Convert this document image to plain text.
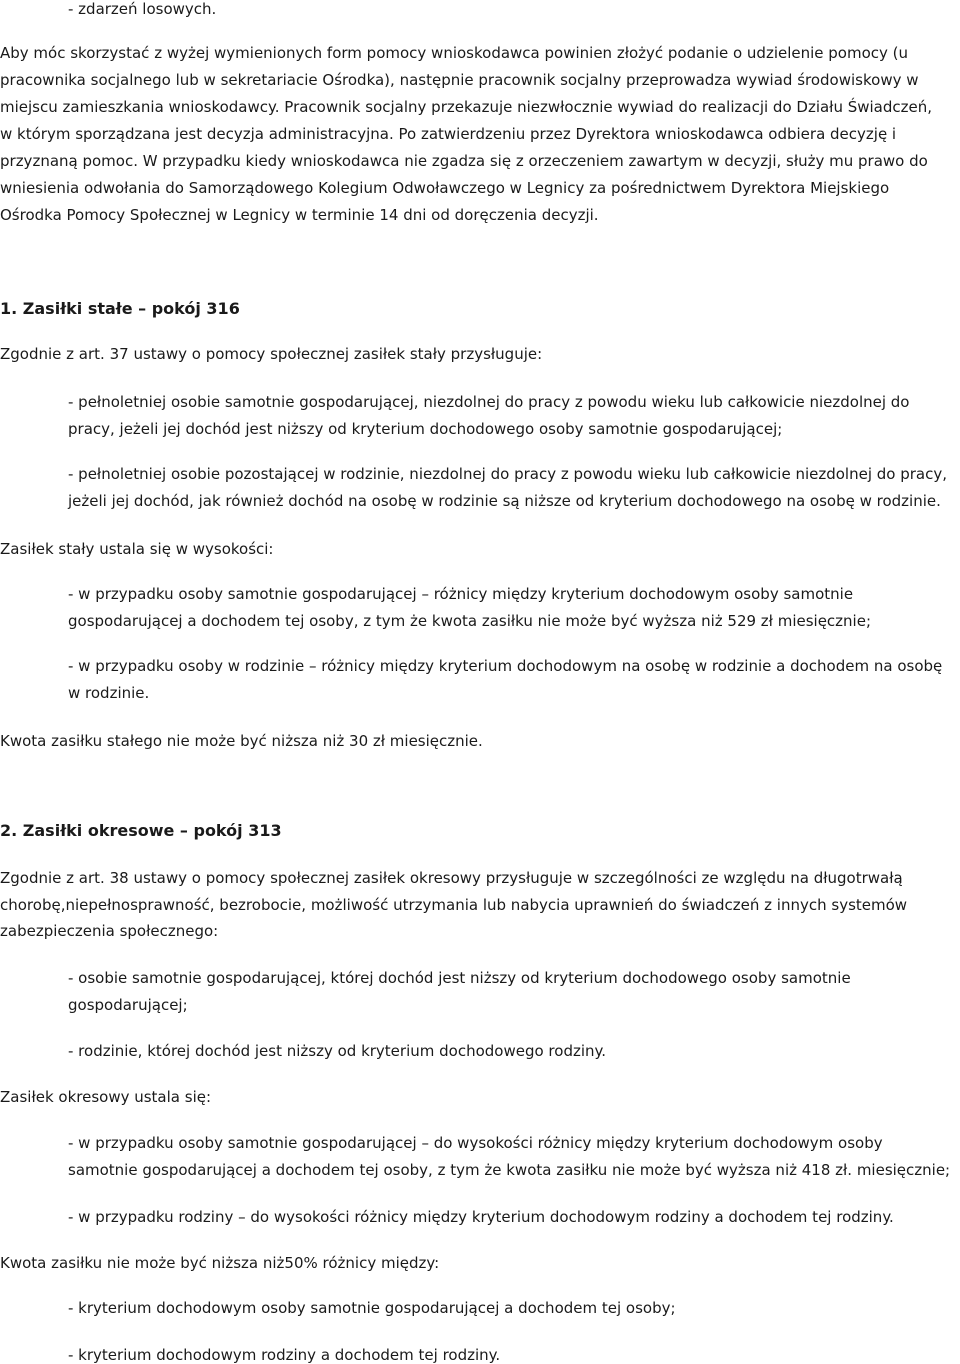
- zdarzeń losowych.
Aby móc skorzystać z wyżej wymienionych form pomocy wnioskodawca powinien złożyć podanie o udzielenie pomocy (u
pracownika socjalnego lub w sekretariacie Ośrodka), następnie pracownik socjalny przeprowadza wywiad środowiskowy w
miejscu zamieszkania wnioskodawcy. Pracownik socjalny przekazuje niezwłocznie wywiad do realizacji do Działu Świadczeń,
w którym sporządzana jest decyzja administracyjna. Po zatwierdzeniu przez Dyrektora wnioskodawca odbiera decyzję i
przyznaną pomoc. W przypadku kiedy wnioskodawca nie zgadza się z orzeczeniem zawartym w decyzji, służy mu prawo do
wniesienia odwołania do Samorządowego Kolegium Odwoławczego w Legnicy za pośrednictwem Dyrektora Miejskiego
Ośrodka Pomocy Społecznej w Legnicy w terminie 14 dni od doręczenia decyzji.
1. Zasiłki stałe – pokój 316
Zgodnie z art. 37 ustawy o pomocy społecznej zasiłek stały przysługuje:
- pełnoletniej osobie samotnie gospodarującej, niezdolnej do pracy z powodu wieku lub całkowicie niezdolnej do
pracy, jeżeli jej dochód jest niższy od kryterium dochodowego osoby samotnie gospodarującej;
- pełnoletniej osobie pozostającej w rodzinie, niezdolnej do pracy z powodu wieku lub całkowicie niezdolnej do pracy,
jeżeli jej dochód, jak również dochód na osobę w rodzinie są niższe od kryterium dochodowego na osobę w rodzinie.
Zasiłek stały ustala się w wysokości:
- w przypadku osoby samotnie gospodarującej – różnicy między kryterium dochodowym osoby samotnie
gospodarującej a dochodem tej osoby, z tym że kwota zasiłku nie może być wyższa niż 529 zł miesięcznie;
- w przypadku osoby w rodzinie – różnicy między kryterium dochodowym na osobę w rodzinie a dochodem na osobę
w rodzinie.
Kwota zasiłku stałego nie może być niższa niż 30 zł miesięcznie.
2. Zasiłki okresowe – pokój 313
Zgodnie z art. 38 ustawy o pomocy społecznej zasiłek okresowy przysługuje w szczególności ze względu na długotrwałą
chorobę,niepełnosprawność, bezrobocie, możliwość utrzymania lub nabycia uprawnień do świadczeń z innych systemów
zabezpieczenia społecznego:
- osobie samotnie gospodarującej, której dochód jest niższy od kryterium dochodowego osoby samotnie
gospodarującej;
- rodzinie, której dochód jest niższy od kryterium dochodowego rodziny.
Zasiłek okresowy ustala się:
- w przypadku osoby samotnie gospodarującej – do wysokości różnicy między kryterium dochodowym osoby
samotnie gospodarującej a dochodem tej osoby, z tym że kwota zasiłku nie może być wyższa niż 418 zł. miesięcznie;
- w przypadku rodziny – do wysokości różnicy między kryterium dochodowym rodziny a dochodem tej rodziny.
Kwota zasiłku nie może być niższa niż50% różnicy między:
- kryterium dochodowym osoby samotnie gospodarującej a dochodem tej osoby;
- kryterium dochodowym rodziny a dochodem tej rodziny.
